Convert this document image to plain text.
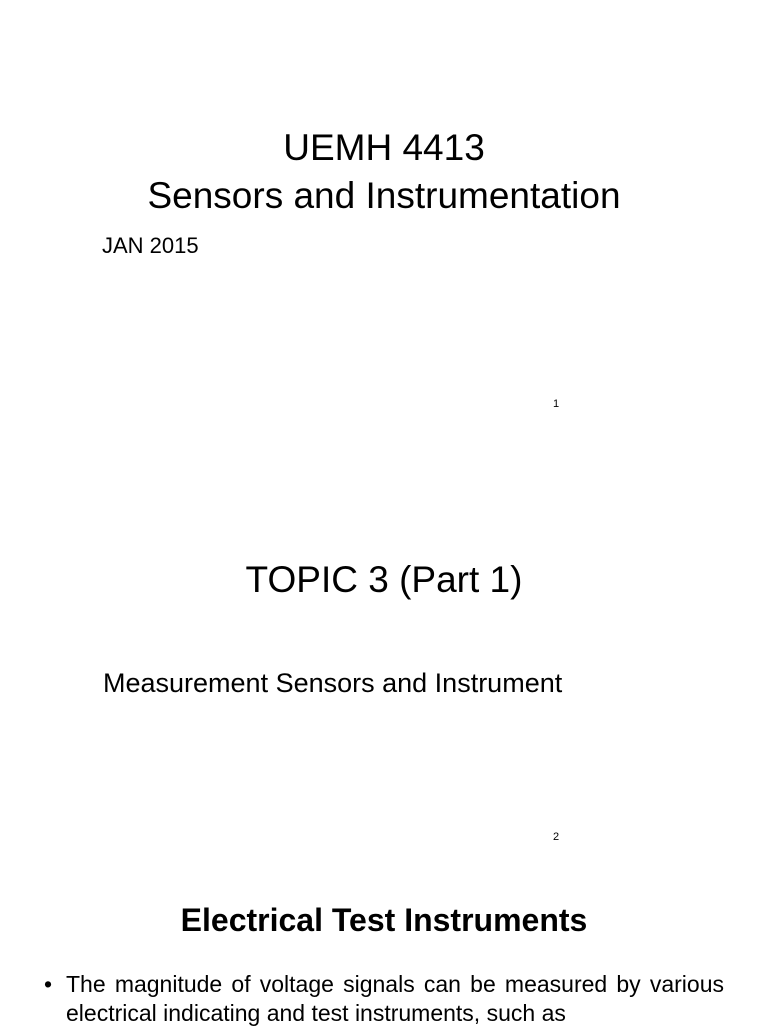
UEMH 4413
Sensors and Instrumentation
JAN 2015
1
TOPIC 3 (Part 1)
Measurement Sensors and Instrument
2
Electrical Test Instruments
• The magnitude of voltage signals can be measured by various electrical indicating and test instruments, such as
